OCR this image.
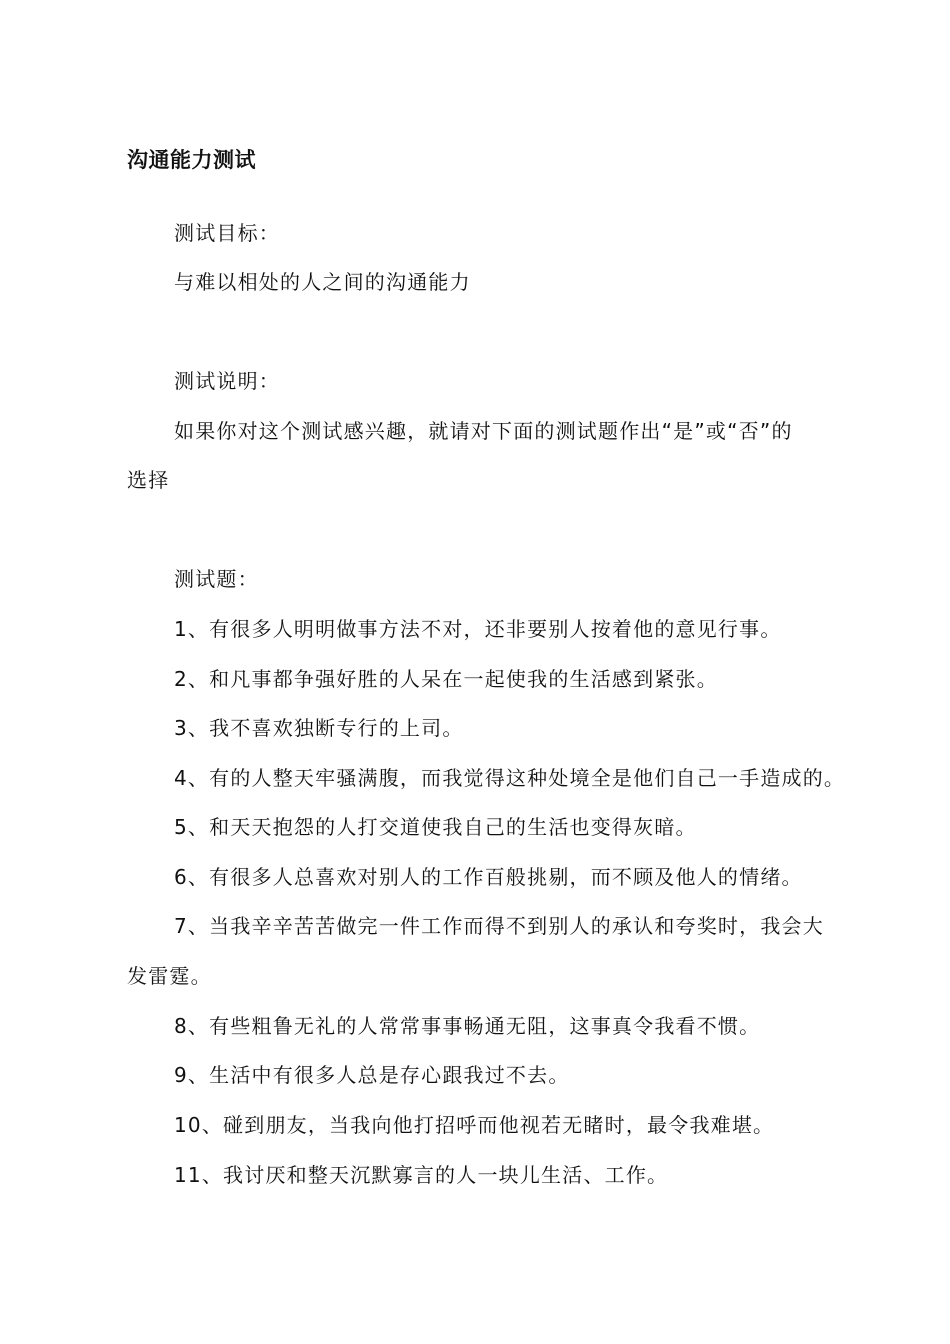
沟通能力测试
测试目标：
与难以相处的人之间的沟通能力
测试说明：
如果你对这个测试感兴趣，就请对下面的测试题作出“是”或“否”的
选择
测试题：
1、有很多人明明做事方法不对，还非要别人按着他的意见行事。
2、和凡事都争强好胜的人呆在一起使我的生活感到紧张。
3、我不喜欢独断专行的上司。
4、有的人整天牢骚满腹，而我觉得这种处境全是他们自己一手造成的。
5、和天天抱怨的人打交道使我自己的生活也变得灰暗。
6、有很多人总喜欢对别人的工作百般挑剔，而不顾及他人的情绪。
7、当我辛辛苦苦做完一件工作而得不到别人的承认和夸奖时，我会大
发雷霆。
8、有些粗鲁无礼的人常常事事畅通无阻，这事真令我看不惯。
9、生活中有很多人总是存心跟我过不去。
10、碰到朋友，当我向他打招呼而他视若无睹时，最令我难堪。
11、我讨厌和整天沉默寡言的人一块儿生活、工作。
